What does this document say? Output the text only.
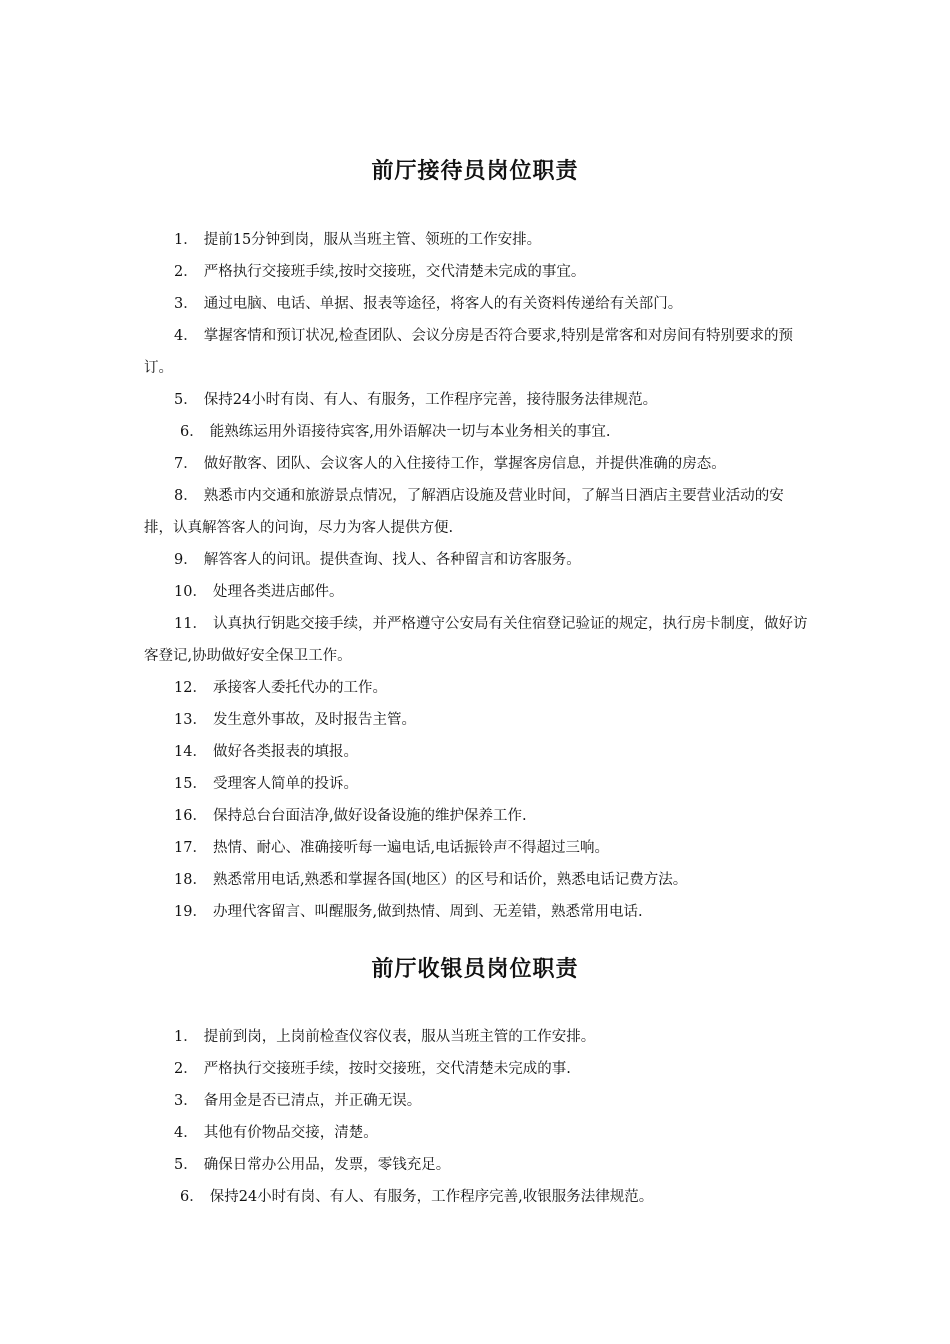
前厅接待员岗位职责
1． 提前15分钟到岗，服从当班主管、领班的工作安排。
2． 严格执行交接班手续,按时交接班，交代清楚未完成的事宜。
3． 通过电脑、电话、单据、报表等途径，将客人的有关资料传递给有关部门。
4． 掌握客情和预订状况,检查团队、会议分房是否符合要求,特别是常客和对房间有特别要求的预订。
5． 保持24小时有岗、有人、有服务，工作程序完善，接待服务法律规范。
6． 能熟练运用外语接待宾客,用外语解决一切与本业务相关的事宜.
7． 做好散客、团队、会议客人的入住接待工作，掌握客房信息，并提供准确的房态。
8． 熟悉市内交通和旅游景点情况，了解酒店设施及营业时间，了解当日酒店主要营业活动的安排，认真解答客人的问询，尽力为客人提供方便.
9． 解答客人的问讯。提供查询、找人、各种留言和访客服务。
10． 处理各类进店邮件。
11． 认真执行钥匙交接手续，并严格遵守公安局有关住宿登记验证的规定，执行房卡制度，做好访客登记,协助做好安全保卫工作。
12． 承接客人委托代办的工作。
13． 发生意外事故，及时报告主管。
14． 做好各类报表的填报。
15． 受理客人简单的投诉。
16． 保持总台台面洁净,做好设备设施的维护保养工作.
17． 热情、耐心、准确接听每一遍电话,电话振铃声不得超过三响。
18． 熟悉常用电话,熟悉和掌握各国(地区）的区号和话价，熟悉电话记费方法。
19． 办理代客留言、叫醒服务,做到热情、周到、无差错，熟悉常用电话.
前厅收银员岗位职责
1． 提前到岗，上岗前检查仪容仪表，服从当班主管的工作安排。
2． 严格执行交接班手续，按时交接班，交代清楚未完成的事.
3． 备用金是否已清点，并正确无误。
4． 其他有价物品交接，清楚。
5． 确保日常办公用品，发票，零钱充足。
6． 保持24小时有岗、有人、有服务，工作程序完善,收银服务法律规范。
